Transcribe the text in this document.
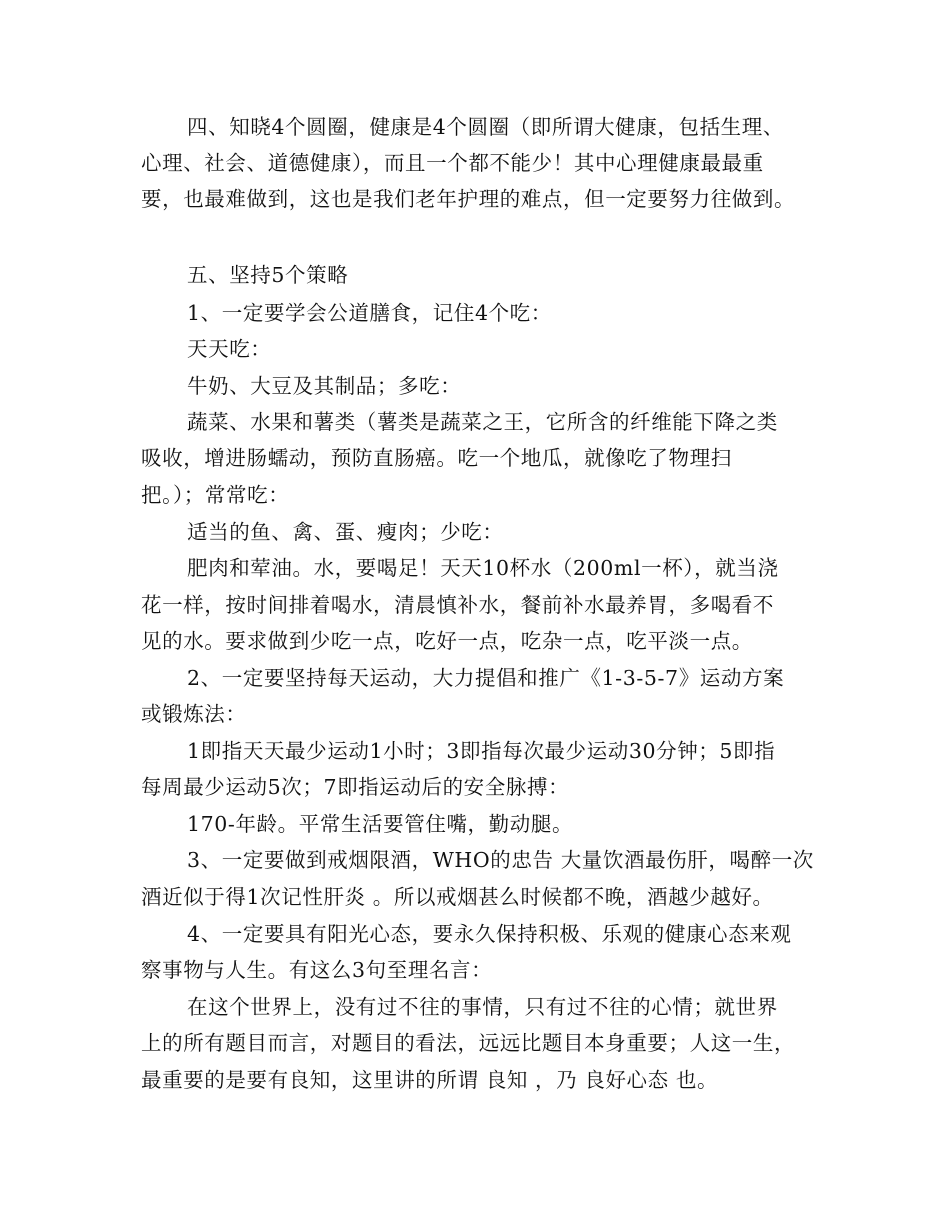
四、知晓4个圆圈，健康是4个圆圈（即所谓大健康，包括生理、
心理、社会、道德健康），而且一个都不能少！其中心理健康最最重
要，也最难做到，这也是我们老年护理的难点，但一定要努力往做到。
五、坚持5个策略
1、一定要学会公道膳食，记住4个吃：
天天吃：
牛奶、大豆及其制品；多吃：
蔬菜、水果和薯类（薯类是蔬菜之王，它所含的纤维能下降之类
吸收，增进肠蠕动，预防直肠癌。吃一个地瓜，就像吃了物理扫
把。）；常常吃：
适当的鱼、禽、蛋、瘦肉；少吃：
肥肉和荤油。水，要喝足！天天10杯水（200ml一杯），就当浇
花一样，按时间排着喝水，清晨慎补水，餐前补水最养胃，多喝看不
见的水。要求做到少吃一点，吃好一点，吃杂一点，吃平淡一点。
2、一定要坚持每天运动，大力提倡和推广《1-3-5-7》运动方案
或锻炼法：
1即指天天最少运动1小时；3即指每次最少运动30分钟；5即指
每周最少运动5次；7即指运动后的安全脉搏：
170-年龄。平常生活要管住嘴，勤动腿。
3、一定要做到戒烟限酒，WHO的忠告 大量饮酒最伤肝，喝醉一次
酒近似于得1次记性肝炎 。所以戒烟甚么时候都不晚，酒越少越好。
4、一定要具有阳光心态，要永久保持积极、乐观的健康心态来观
察事物与人生。有这么3句至理名言：
在这个世界上，没有过不往的事情，只有过不往的心情；就世界
上的所有题目而言，对题目的看法，远远比题目本身重要；人这一生，
最重要的是要有良知，这里讲的所谓 良知 ，乃 良好心态 也。
